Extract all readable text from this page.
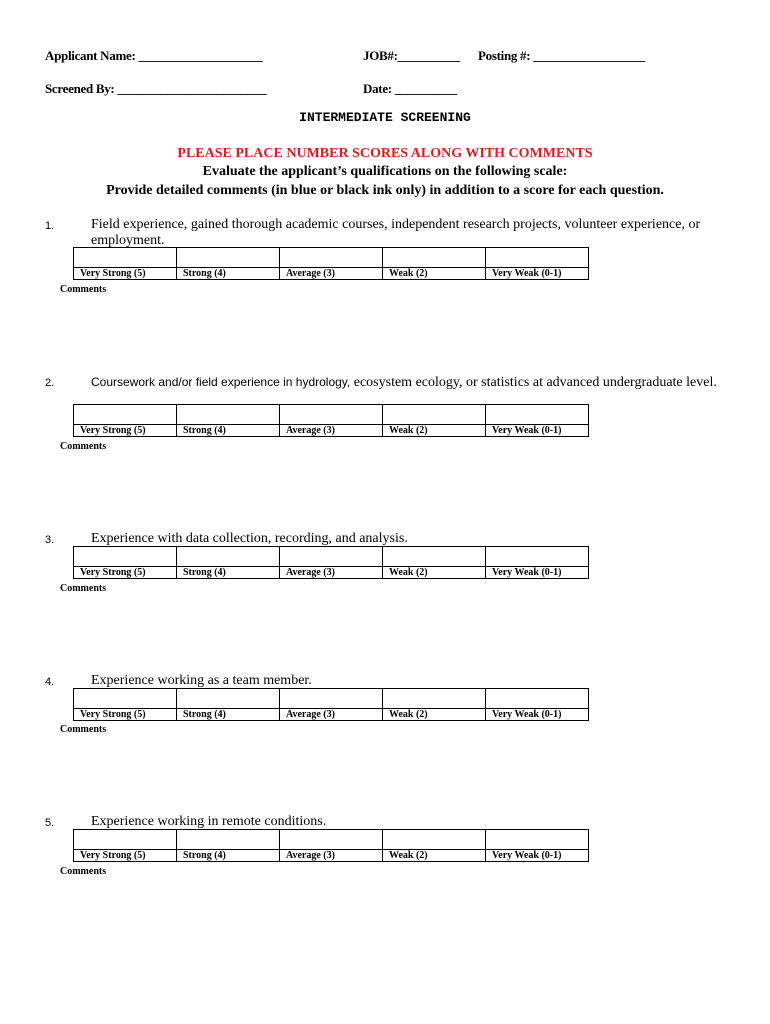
Applicant Name: ____________________	JOB#:__________ Posting #: __________________
Screened By: ________________________	Date: __________
INTERMEDIATE SCREENING
PLEASE PLACE NUMBER SCORES ALONG WITH COMMENTS
Evaluate the applicant’s qualifications on the following scale:
Provide detailed comments (in blue or black ink only) in addition to a score for each question.
1.	Field experience, gained thorough academic courses, independent research projects, volunteer experience, or employment.

Very Strong (5)	Strong (4)	Average (3)	Weak (2)	Very Weak (0-1)
Comments
2.	Coursework and/or field experience in hydrology, ecosystem ecology, or statistics at advanced undergraduate level.

Very Strong (5)	Strong (4)	Average (3)	Weak (2)	Very Weak (0-1)
Comments
3.	Experience with data collection, recording, and analysis.

Very Strong (5)	Strong (4)	Average (3)	Weak (2)	Very Weak (0-1)
Comments
4.	Experience working as a team member.

Very Strong (5)	Strong (4)	Average (3)	Weak (2)	Very Weak (0-1)
Comments
5.	Experience working in remote conditions.

Very Strong (5)	Strong (4)	Average (3)	Weak (2)	Very Weak (0-1)
Comments
